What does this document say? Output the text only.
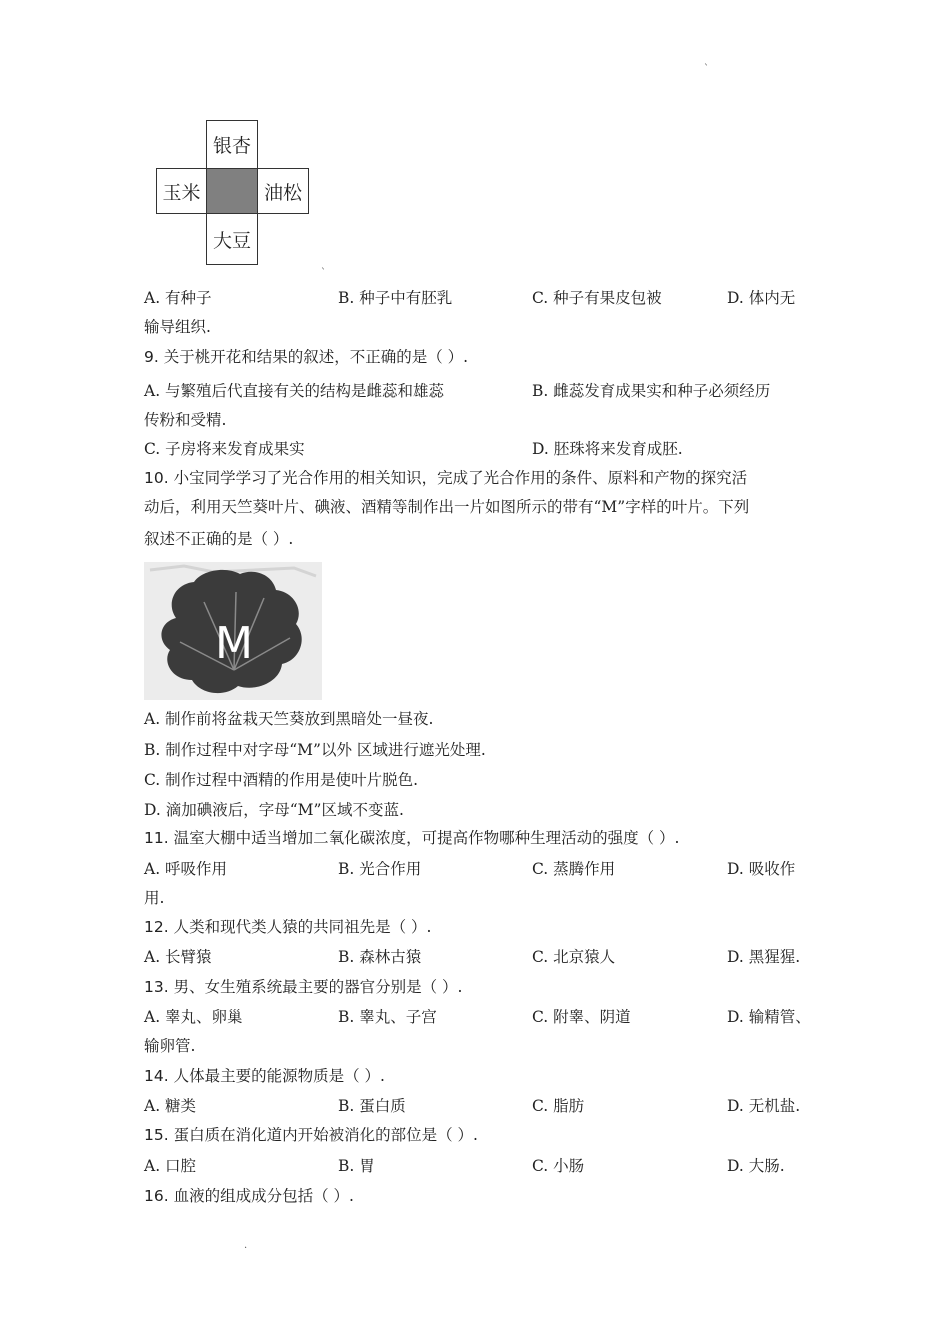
`
`
.
银杏
玉米	油松
大豆
A. 有种子	B. 种子中有胚乳	C. 种子有果皮包被	D. 体内无
输导组织.
9. 关于桃开花和结果的叙述，不正确的是（ ）.
A. 与繁殖后代直接有关的结构是雌蕊和雄蕊	B. 雌蕊发育成果实和种子必须经历
传粉和受精.
C. 子房将来发育成果实	D. 胚珠将来发育成胚.
10. 小宝同学学习了光合作用的相关知识，完成了光合作用的条件、原料和产物的探究活
动后，利用天竺葵叶片、碘液、酒精等制作出一片如图所示的带有“M”字样的叶片。下列
叙述不正确的是（ ）.
M
A. 制作前将盆栽天竺葵放到黑暗处一昼夜.
B. 制作过程中对字母“M”以外 区域进行遮光处理.
C. 制作过程中酒精的作用是使叶片脱色.
D. 滴加碘液后，字母“M”区域不变蓝.
11. 温室大棚中适当增加二氧化碳浓度，可提高作物哪种生理活动的强度（ ）.
A. 呼吸作用	B. 光合作用	C. 蒸腾作用	D. 吸收作
用.
12. 人类和现代类人猿的共同祖先是（ ）.
A. 长臂猿	B. 森林古猿	C. 北京猿人	D. 黑猩猩.
13. 男、女生殖系统最主要的器官分别是（ ）.
A. 睾丸、卵巢	B. 睾丸、子宫	C. 附睾、阴道	D. 输精管、
输卵管.
14. 人体最主要的能源物质是（ ）.
A. 糖类	B. 蛋白质	C. 脂肪	D. 无机盐.
15. 蛋白质在消化道内开始被消化的部位是（ ）.
A. 口腔	B. 胃	C. 小肠	D. 大肠.
16. 血液的组成成分包括（ ）.
